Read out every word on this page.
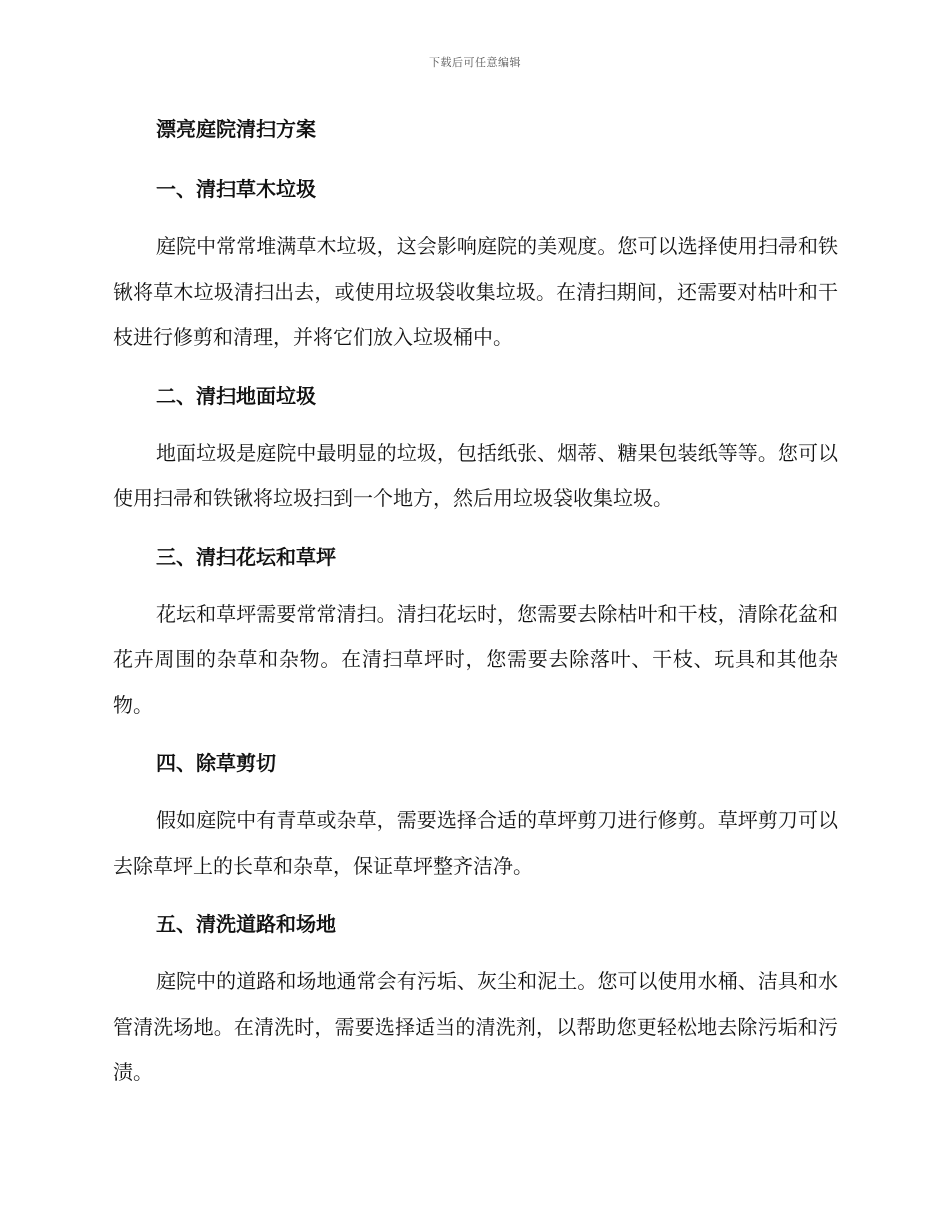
下载后可任意编辑
漂亮庭院清扫方案
一、清扫草木垃圾

庭院中常常堆满草木垃圾，这会影响庭院的美观度。您可以选择使用扫帚和铁锹将草木垃圾清扫出去，或使用垃圾袋收集垃圾。在清扫期间，还需要对枯叶和干枝进行修剪和清理，并将它们放入垃圾桶中。

二、清扫地面垃圾

地面垃圾是庭院中最明显的垃圾，包括纸张、烟蒂、糖果包装纸等等。您可以使用扫帚和铁锹将垃圾扫到一个地方，然后用垃圾袋收集垃圾。

三、清扫花坛和草坪

花坛和草坪需要常常清扫。清扫花坛时，您需要去除枯叶和干枝，清除花盆和花卉周围的杂草和杂物。在清扫草坪时，您需要去除落叶、干枝、玩具和其他杂物。

四、除草剪切

假如庭院中有青草或杂草，需要选择合适的草坪剪刀进行修剪。草坪剪刀可以去除草坪上的长草和杂草，保证草坪整齐洁净。

五、清洗道路和场地

庭院中的道路和场地通常会有污垢、灰尘和泥土。您可以使用水桶、洁具和水管清洗场地。在清洗时，需要选择适当的清洗剂，以帮助您更轻松地去除污垢和污渍。
